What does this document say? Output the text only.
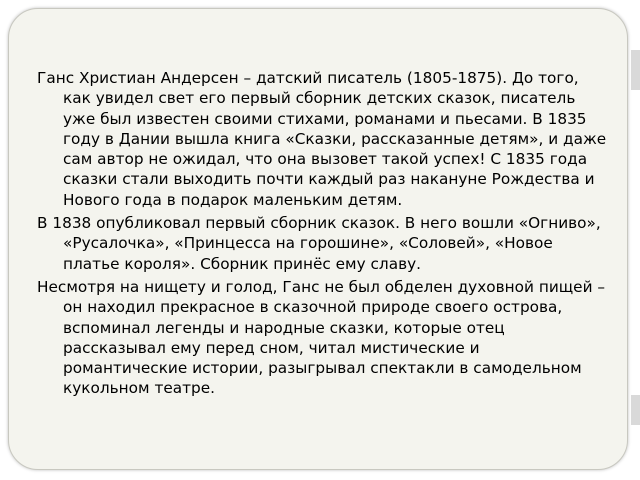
Ганс Христиан Андерсен – датский писатель (1805-1875). До того, как увидел свет его первый сборник детских сказок, писатель уже был известен своими стихами, романами и пьесами. В 1835 году в Дании вышла книга «Сказки, рассказанные детям», и даже сам автор не ожидал, что она вызовет такой успех! С 1835 года сказки стали выходить почти каждый раз накануне Рождества и Нового года в подарок маленьким детям.

В 1838 опубликовал первый сборник сказок. В него вошли «Огниво», «Русалочка», «Принцесса на горошине», «Соловей», «Новое платье короля». Сборник принёс ему славу.

Несмотря на нищету и голод, Ганс не был обделен духовной пищей – он находил прекрасное в сказочной природе своего острова, вспоминал легенды и народные сказки, которые отец рассказывал ему перед сном, читал мистические и романтические истории, разыгрывал спектакли в самодельном кукольном театре.
